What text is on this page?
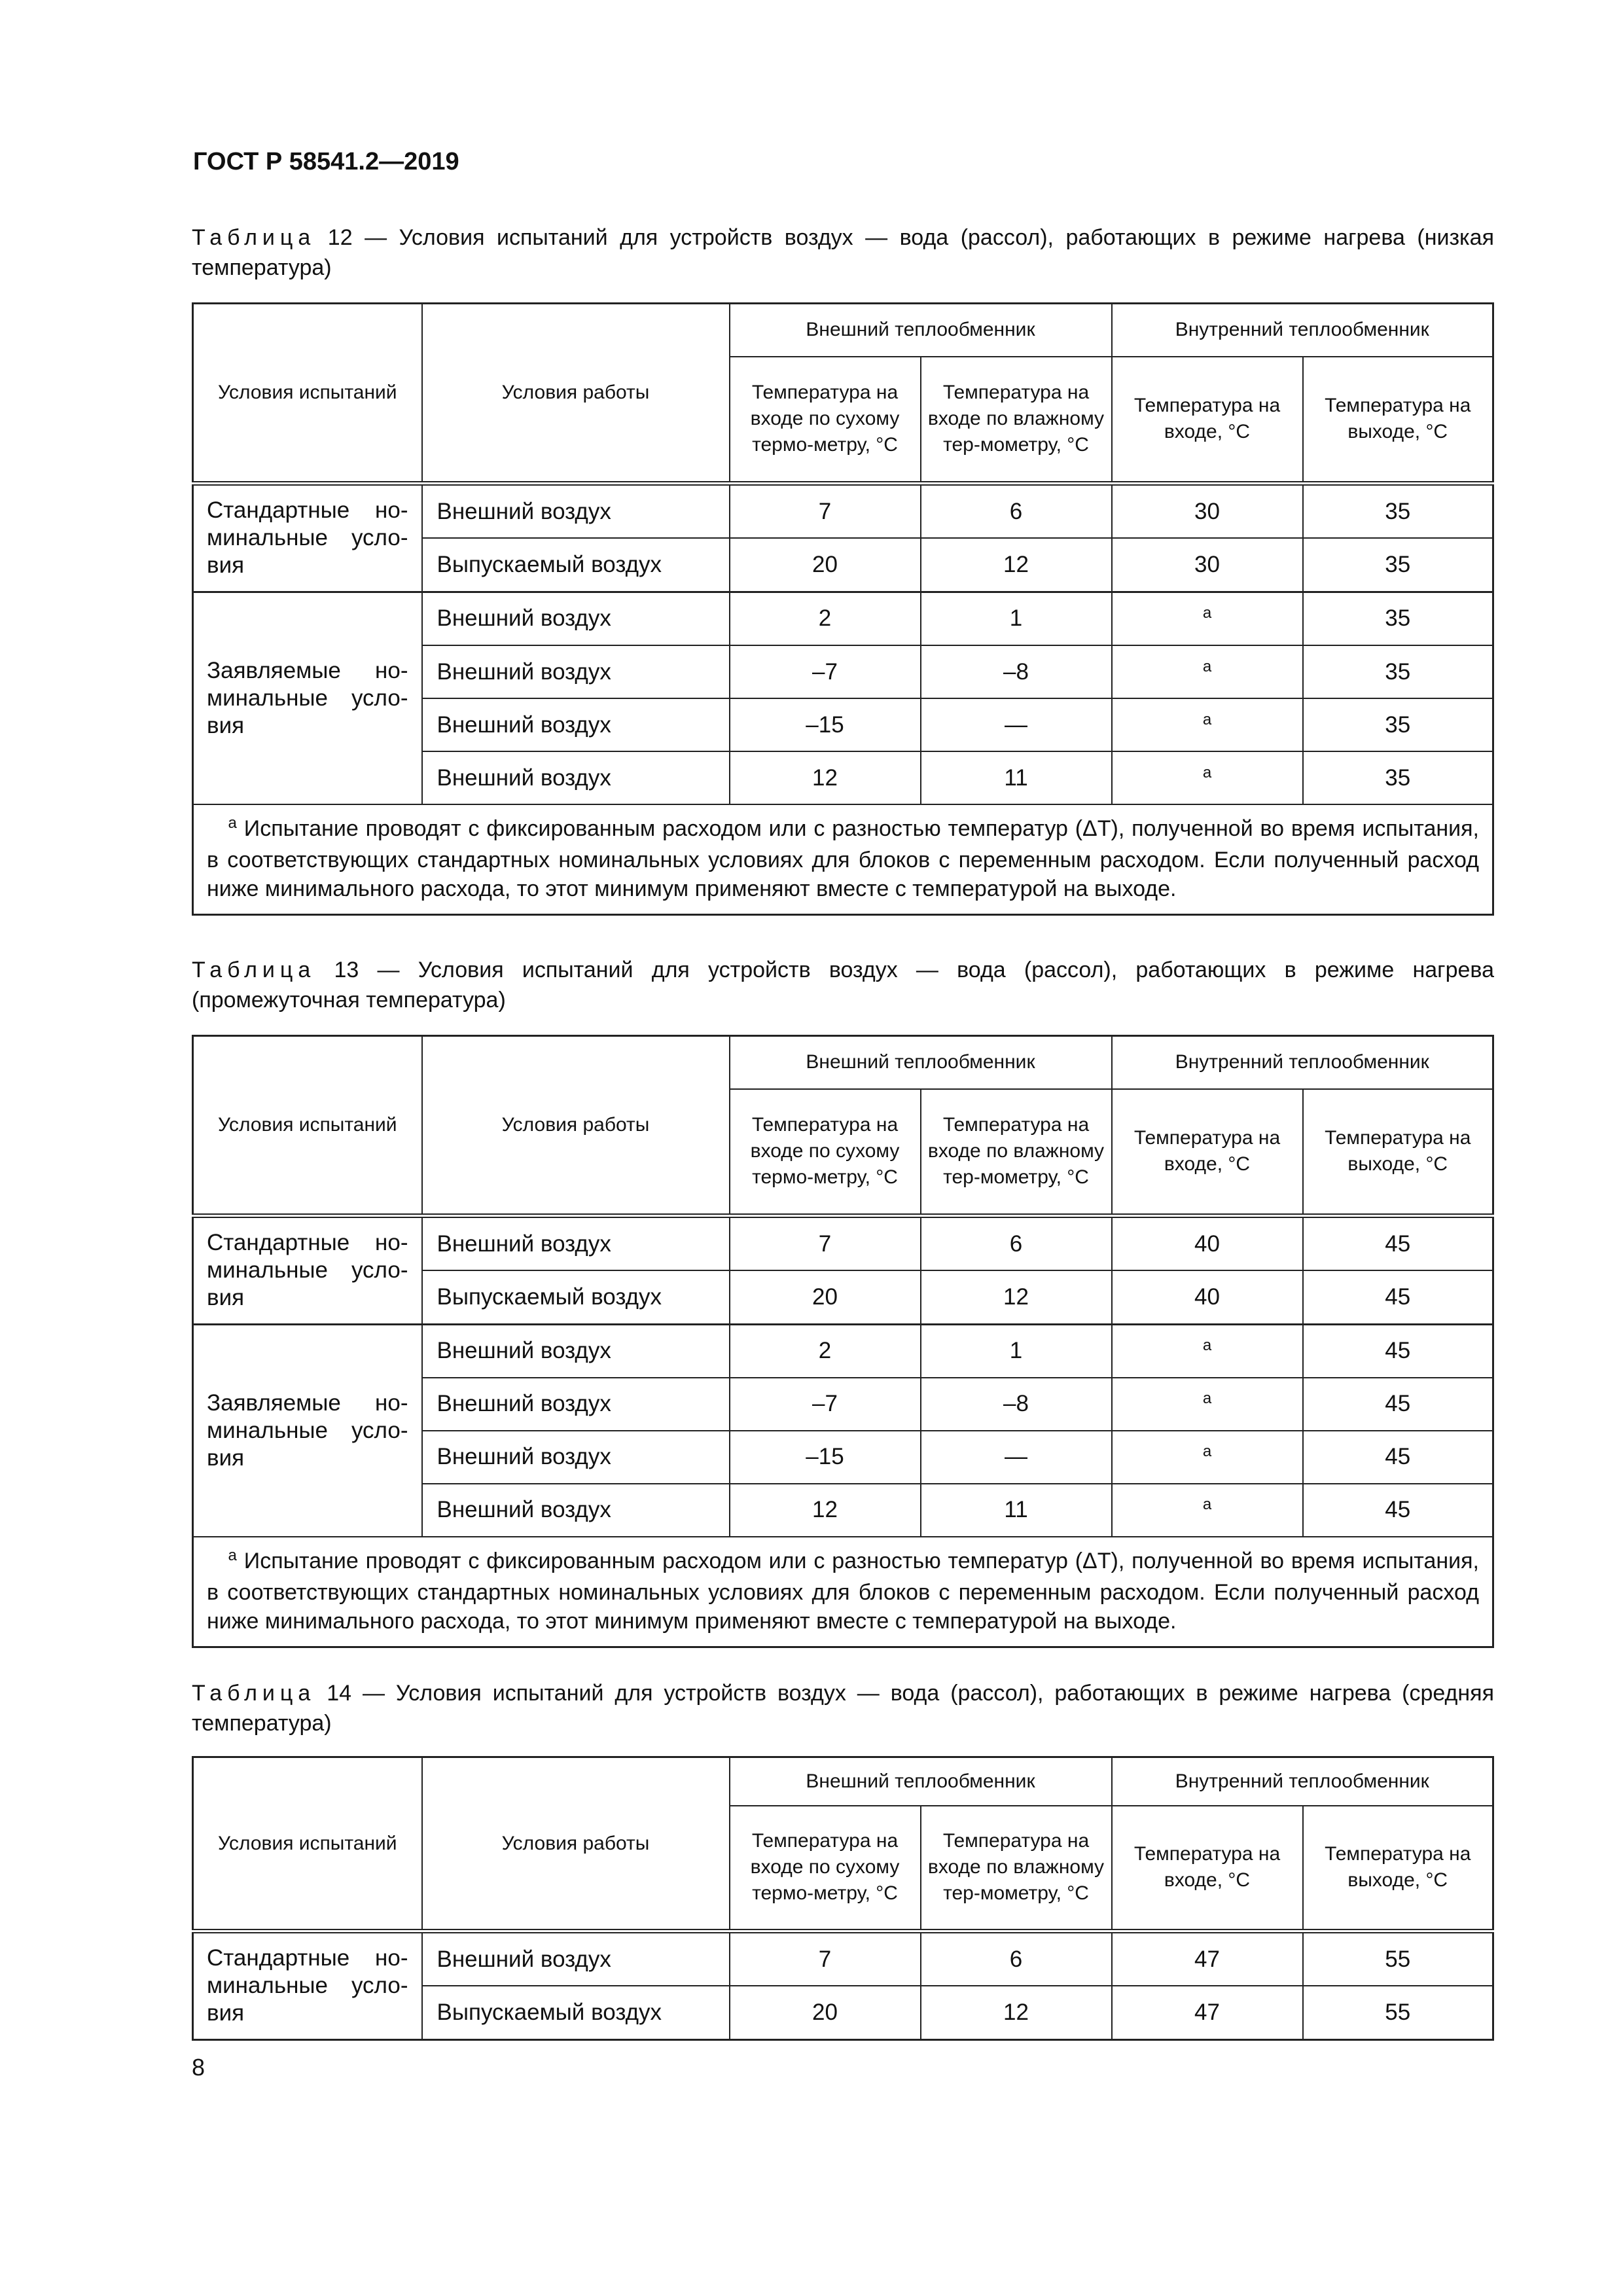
ГОСТ Р 58541.2—2019
Таблица 12 — Условия испытаний для устройств воздух — вода (рассол), работающих в режиме нагрева (низкая температура)
Условия испытаний	Условия работы	Внешний теплообменник		Внутренний теплообменник	
		Температура на входе по сухому термо-метру, °C	Температура на входе по влажному тер-мометру, °C	Температура на входе, °C	Температура на выходе, °C
Стандартные но-минальные усло-вия	Внешний воздух	7	6	30	35
	Выпускаемый воздух	20	12	30	35
Заявляемые но-минальные усло-вия	Внешний воздух	2	1	$^a$	35
	Внешний воздух	–7	–8	$^a$	35
	Внешний воздух	–15	—	$^a$	35
	Внешний воздух	12	11	$^a$	35
$^a$ Испытание проводят с фиксированным расходом или с разностью температур (ΔT), полученной во время испытания, в соответствующих стандартных номинальных условиях для блоков с переменным расходом. Если полученный расход ниже минимального расхода, то этот минимум применяют вместе с температурой на выходе.					
Таблица 13 — Условия испытаний для устройств воздух — вода (рассол), работающих в режиме нагрева (промежуточная температура)
Условия испытаний	Условия работы	Внешний теплообменник		Внутренний теплообменник	
		Температура на входе по сухому термо-метру, °C	Температура на входе по влажному тер-мометру, °C	Температура на входе, °C	Температура на выходе, °C
Стандартные но-минальные усло-вия	Внешний воздух	7	6	40	45
	Выпускаемый воздух	20	12	40	45
Заявляемые но-минальные усло-вия	Внешний воздух	2	1	$^a$	45
	Внешний воздух	–7	–8	$^a$	45
	Внешний воздух	–15	—	$^a$	45
	Внешний воздух	12	11	$^a$	45
$^a$ Испытание проводят с фиксированным расходом или с разностью температур (ΔT), полученной во время испытания, в соответствующих стандартных номинальных условиях для блоков с переменным расходом. Если полученный расход ниже минимального расхода, то этот минимум применяют вместе с температурой на выходе.					
Таблица 14 — Условия испытаний для устройств воздух — вода (рассол), работающих в режиме нагрева (средняя температура)
Условия испытаний	Условия работы	Внешний теплообменник		Внутренний теплообменник	
		Температура на входе по сухому термо-метру, °C	Температура на входе по влажному тер-мометру, °C	Температура на входе, °C	Температура на выходе, °C
Стандартные но-минальные усло-вия	Внешний воздух	7	6	47	55
	Выпускаемый воздух	20	12	47	55
8
